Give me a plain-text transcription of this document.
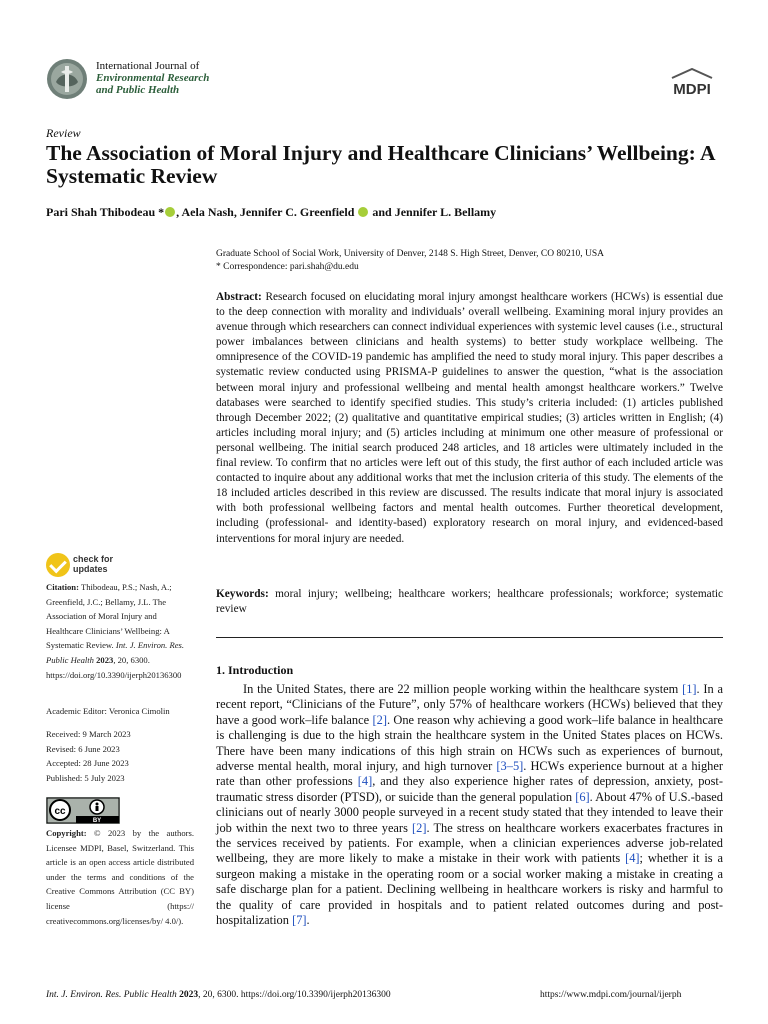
International Journal of
Environmental Research
and Public Health	MDPI
Review
The Association of Moral Injury and Healthcare Clinicians’ Wellbeing: A Systematic Review
Pari Shah Thibodeau * , Aela Nash, Jennifer C. Greenfield  and Jennifer L. Bellamy
Graduate School of Social Work, University of Denver, 2148 S. High Street, Denver, CO 80210, USA
* Correspondence: pari.shah@du.edu
Abstract: Research focused on elucidating moral injury amongst healthcare workers (HCWs) is essential due to the deep connection with morality and individuals’ overall wellbeing. Examining moral injury provides an avenue through which researchers can connect individual experiences with systemic level causes (i.e., structural power imbalances between clinicians and health systems) to better study workplace wellbeing. The omnipresence of the COVID-19 pandemic has amplified the need to study moral injury. This paper describes a systematic review conducted using PRISMA-P guidelines to answer the question, “what is the association between moral injury and professional wellbeing and mental health amongst healthcare workers.” Twelve databases were searched to identify specified studies. This study’s criteria included: (1) articles published through December 2022; (2) qualitative and quantitative empirical studies; (3) articles written in English; (4) articles including moral injury; and (5) articles including at minimum one other measure of professional or personal wellbeing. The initial search produced 248 articles, and 18 articles were ultimately included in the final review. To confirm that no articles were left out of this study, the first author of each included article was contacted to inquire about any additional works that met the inclusion criteria of this study. The elements of the 18 included articles described in this review are discussed. The results indicate that moral injury is associated with both professional wellbeing factors and mental health outcomes. Further theoretical development, including (professional- and identity-based) exploratory research on moral injury, and evidenced-based interventions for moral injury are needed.
Keywords: moral injury; wellbeing; healthcare workers; healthcare professionals; workforce; systematic review
1. Introduction

In the United States, there are 22 million people working within the healthcare system [1]. In a recent report, “Clinicians of the Future”, only 57% of healthcare workers (HCWs) believed that they have a good work–life balance [2]. One reason why achieving a good work–life balance in healthcare is challenging is due to the high strain the healthcare system in the United States places on HCWs. There have been many indications of this high strain on HCWs such as experiences of burnout, adverse mental health, moral injury, and high turnover [3–5]. HCWs experience burnout at a higher rate than other professions [4], and they also experience higher rates of depression, anxiety, post-traumatic stress disorder (PTSD), or suicide than the general population [6]. About 47% of U.S.-based clinicians out of nearly 3000 people surveyed in a recent study stated that they intended to leave their job within the next two to three years [2]. The stress on healthcare workers exacerbates fractures in the services received by patients. For example, when a clinician experiences adverse job-related wellbeing, they are more likely to make a mistake in their work with patients [4]; whether it is a surgeon making a mistake in the operating room or a social worker making a mistake in creating a safe discharge plan for a patient. Declining wellbeing in healthcare workers is risky and harmful to the quality of care provided in hospitals and to patient related outcomes during and post-hospitalization [7].

check for
updates
Citation: Thibodeau, P.S.; Nash, A.; Greenfield, J.C.; Bellamy, J.L. The Association of Moral Injury and Healthcare Clinicians’ Wellbeing: A Systematic Review. Int. J. Environ. Res. Public Health 2023, 20, 6300. https://doi.org/10.3390/ijerph20136300
Academic Editor: Veronica Cimolin
Received: 9 March 2023
Revised: 6 June 2023
Accepted: 28 June 2023
Published: 5 July 2023
cc
BY
Copyright: © 2023 by the authors. Licensee MDPI, Basel, Switzerland. This article is an open access article distributed under the terms and conditions of the Creative Commons Attribution (CC BY) license (https:// creativecommons.org/licenses/by/ 4.0/).
Int. J. Environ. Res. Public Health 2023, 20, 6300. https://doi.org/10.3390/ijerph20136300	https://www.mdpi.com/journal/ijerph
